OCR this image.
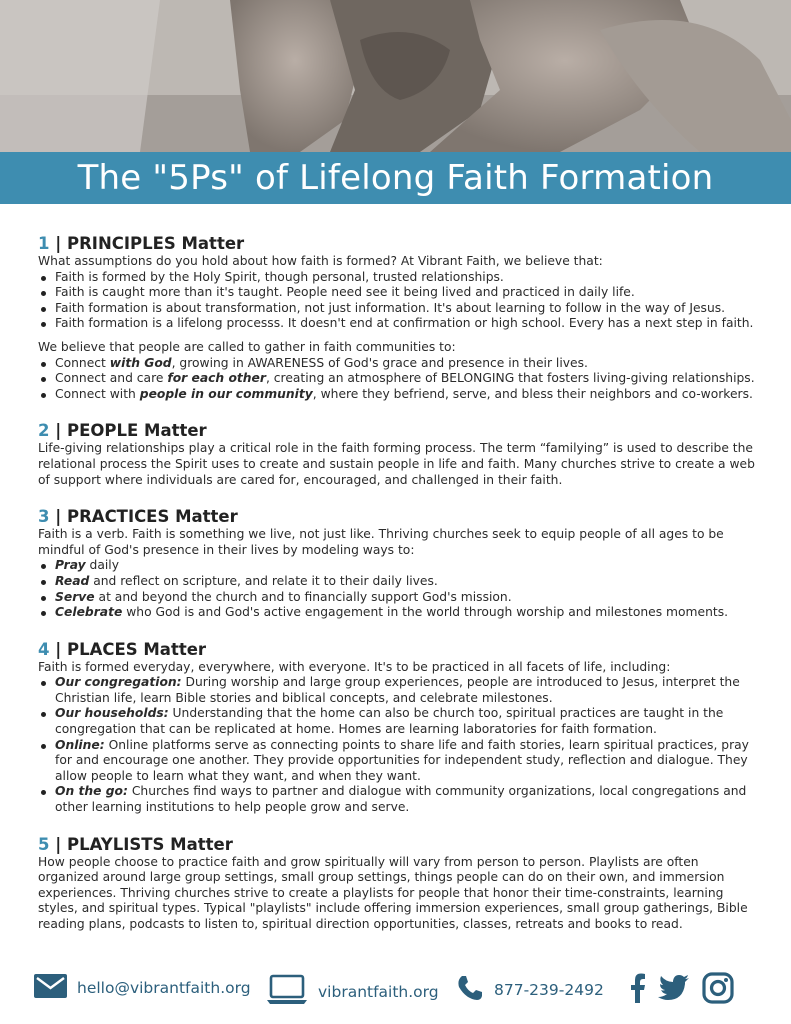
The "5Ps" of Lifelong Faith Formation
1 | PRINCIPLES Matter

What assumptions do you hold about how faith is formed? At Vibrant Faith, we believe that:

Faith is formed by the Holy Spirit, though personal, trusted relationships.
Faith is caught more than it's taught. People need see it being lived and practiced in daily life.
Faith formation is about transformation, not just information. It's about learning to follow in the way of Jesus.
Faith formation is a lifelong processs. It doesn't end at confirmation or high school. Every has a next step in faith.

We believe that people are called to gather in faith communities to:

Connect with God, growing in AWARENESS of God's grace and presence in their lives.
Connect and care for each other, creating an atmosphere of BELONGING that fosters living-giving relationships.
Connect with people in our community, where they befriend, serve, and bless their neighbors and co-workers.
2 | PEOPLE Matter

Life-giving relationships play a critical role in the faith forming process. The term “familying” is used to describe the relational process the Spirit uses to create and sustain people in life and faith. Many churches strive to create a web of support where individuals are cared for, encouraged, and challenged in their faith.

3 | PRACTICES Matter

Faith is a verb. Faith is something we live, not just like. Thriving churches seek to equip people of all ages to be mindful of God's presence in their lives by modeling ways to:

Pray daily
Read and reflect on scripture, and relate it to their daily lives.
Serve at and beyond the church and to financially support God's mission.
Celebrate who God is and God's active engagement in the world through worship and milestones moments.
4 | PLACES Matter

Faith is formed everyday, everywhere, with everyone. It's to be practiced in all facets of life, including:

Our congregation: During worship and large group experiences, people are introduced to Jesus, interpret the Christian life, learn Bible stories and biblical concepts, and celebrate milestones.
Our households: Understanding that the home can also be church too, spiritual practices are taught in the congregation that can be replicated at home. Homes are learning laboratories for faith formation.
Online: Online platforms serve as connecting points to share life and faith stories, learn spiritual practices, pray for and encourage one another. They provide opportunities for independent study, reflection and dialogue. They allow people to learn what they want, and when they want.
On the go: Churches find ways to partner and dialogue with community organizations, local congregations and other learning institutions to help people grow and serve.
5 | PLAYLISTS Matter

How people choose to practice faith and grow spiritually will vary from person to person. Playlists are often organized around large group settings, small group settings, things people can do on their own, and immersion experiences. Thriving churches strive to create a playlists for people that honor their time-constraints, learning styles, and spiritual types. Typical "playlists" include offering immersion experiences, small group gatherings, Bible reading plans, podcasts to listen to, spiritual direction opportunities, classes, retreats and books to read.

hello@vibrantfaith.org	vibrantfaith.org	877-239-2492
